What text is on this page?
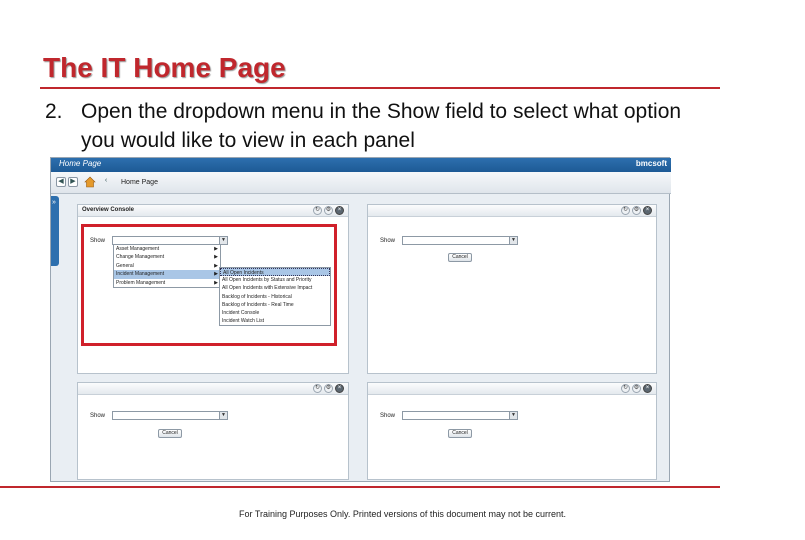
The IT Home Page
2. Open the dropdown menu in the Show field to select what option you would like to view in each panel
Home Page	bmcsoft
◀ ▶	‹	Home Page
Applications
»
Overview Console	↻ ⚙ ×
Show	▼
↻ ⚙ ×
Show	▼
Cancel
↻ ⚙ ×
Show	▼
Cancel
↻ ⚙ ×
Show	▼
Cancel
Asset Management	▶
Change Management	▶
General	▶
Incident Management	▶
Problem Management	▶
All Open Incidents
All Open Incidents by Status and Priority
All Open Incidents with Extensive Impact
Backlog of Incidents - Historical
Backlog of Incidents - Real Time
Incident Console
Incident Watch List
For Training Purposes Only. Printed versions of this document may not be current.
